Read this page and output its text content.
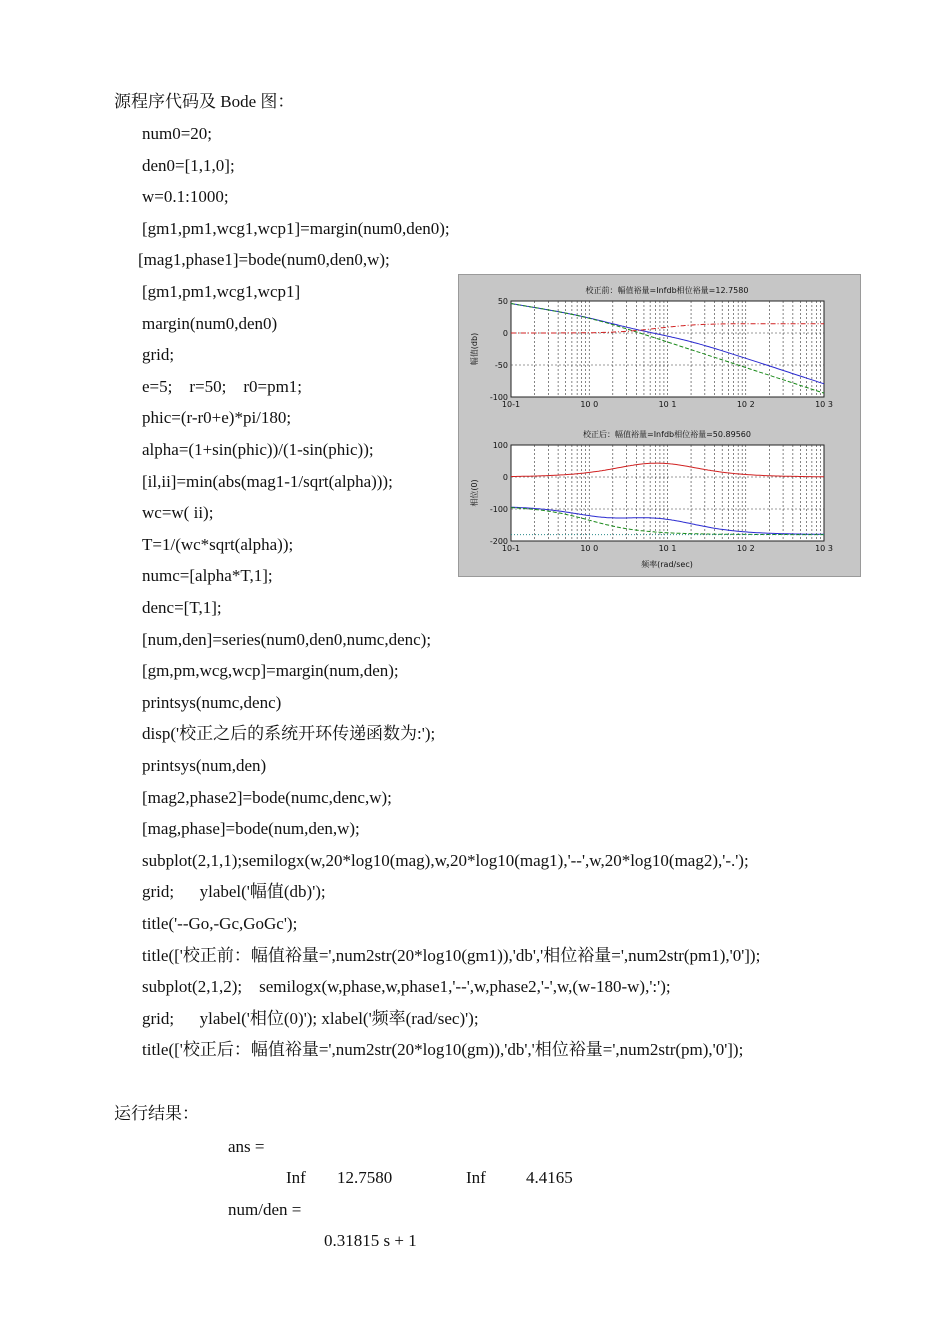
源程序代码及 Bode 图：
num0=20;
den0=[1,1,0];
w=0.1:1000;
[gm1,pm1,wcg1,wcp1]=margin(num0,den0);
[mag1,phase1]=bode(num0,den0,w);
[gm1,pm1,wcg1,wcp1]
margin(num0,den0)
grid;
e=5;    r=50;    r0=pm1;
phic=(r-r0+e)*pi/180;
alpha=(1+sin(phic))/(1-sin(phic));
[il,ii]=min(abs(mag1-1/sqrt(alpha)));
wc=w( ii);
T=1/(wc*sqrt(alpha));
numc=[alpha*T,1];
denc=[T,1];
[num,den]=series(num0,den0,numc,denc);
[gm,pm,wcg,wcp]=margin(num,den);
printsys(numc,denc)
disp('校正之后的系统开环传递函数为:');
printsys(num,den)
[mag2,phase2]=bode(numc,denc,w);
[mag,phase]=bode(num,den,w);
subplot(2,1,1);semilogx(w,20*log10(mag),w,20*log10(mag1),'--',w,20*log10(mag2),'-.');
grid;      ylabel('幅值(db)');
title('--Go,-Gc,GoGc');
title(['校正前：幅值裕量=',num2str(20*log10(gm1)),'db','相位裕量=',num2str(pm1),'0']);
subplot(2,1,2);    semilogx(w,phase,w,phase1,'--',w,phase2,'-',w,(w-180-w),':');
grid;      ylabel('相位(0)'); xlabel('频率(rad/sec)');
title(['校正后：幅值裕量=',num2str(20*log10(gm)),'db','相位裕量=',num2str(pm),'0']);
校正前：幅值裕量=Infdb相位裕量=12.7580
幅值(db)
50
0
-50
-100
10-1	10 0	10 1	10 2	10 3
校正后：幅值裕量=Infdb相位裕量=50.89560
相位(0)
频率(rad/sec)
100
0
-100
-200
10-1	10 0	10 1	10 2	10 3
运行结果：
ans =
Inf 12.7580	Inf 4.4165
num/den =
0.31815 s + 1
